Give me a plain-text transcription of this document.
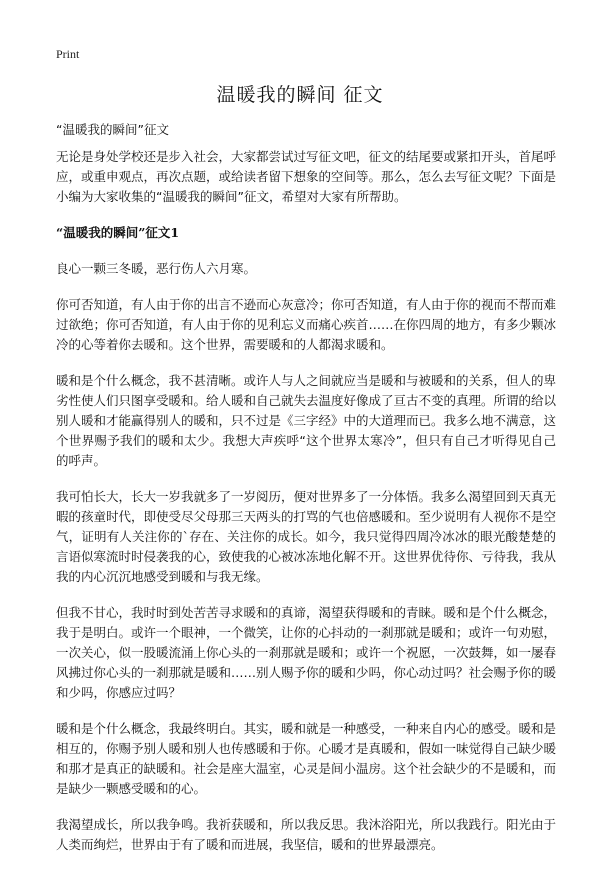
Print
温暖我的瞬间 征文
“温暖我的瞬间”征文

无论是身处学校还是步入社会，大家都尝试过写征文吧，征文的结尾要或紧扣开头，首尾呼应，或重申观点，再次点题，或给读者留下想象的空间等。那么，怎么去写征文呢？下面是小编为大家收集的“温暖我的瞬间”征文，希望对大家有所帮助。

“温暖我的瞬间”征文1

良心一颗三冬暖，恶行伤人六月寒。

你可否知道，有人由于你的出言不逊而心灰意冷；你可否知道，有人由于你的视而不帮而难过欲绝；你可否知道，有人由于你的见利忘义而痛心疾首……在你四周的地方，有多少颗冰冷的心等着你去暖和。这个世界，需要暖和的人都渴求暖和。

暖和是个什么概念，我不甚清晰。或许人与人之间就应当是暖和与被暖和的关系，但人的卑劣性使人们只图享受暖和。给人暖和自己就失去温度好像成了亘古不变的真理。所谓的给以别人暖和才能赢得别人的暖和，只不过是《三字经》中的大道理而已。我多么地不满意，这个世界赐予我们的暖和太少。我想大声疾呼“这个世界太寒冷”，但只有自己才听得见自己的呼声。

我可怕长大，长大一岁我就多了一岁阅历，便对世界多了一分体悟。我多么渴望回到天真无暇的孩童时代，即使受尽父母那三天两头的打骂的气也倍感暖和。至少说明有人视你不是空气，证明有人关注你的`存在、关注你的成长。如今，我只觉得四周冷冰冰的眼光酸楚楚的言语似寒流时时侵袭我的心，致使我的心被冰冻地化解不开。这世界优待你、亏待我，我从我的内心沉沉地感受到暖和与我无缘。

但我不甘心，我时时到处苦苦寻求暖和的真谛，渴望获得暖和的青睐。暖和是个什么概念，我于是明白。或许一个眼神，一个微笑，让你的心抖动的一刹那就是暖和；或许一句劝慰，一次关心，似一股暖流涌上你心头的一刹那就是暖和；或许一个祝愿，一次鼓舞，如一屡春风拂过你心头的一刹那就是暖和……别人赐予你的暖和少吗，你心动过吗？社会赐予你的暖和少吗，你感应过吗？

暖和是个什么概念，我最终明白。其实，暖和就是一种感受，一种来自内心的感受。暖和是相互的，你赐予别人暖和别人也传感暖和于你。心暖才是真暖和，假如一味觉得自己缺少暖和那才是真正的缺暖和。社会是座大温室，心灵是间小温房。这个社会缺少的不是暖和，而是缺少一颗感受暖和的心。

我渴望成长，所以我争鸣。我祈获暖和，所以我反思。我沐浴阳光，所以我践行。阳光由于人类而绚烂，世界由于有了暖和而进展，我坚信，暖和的世界最漂亮。
